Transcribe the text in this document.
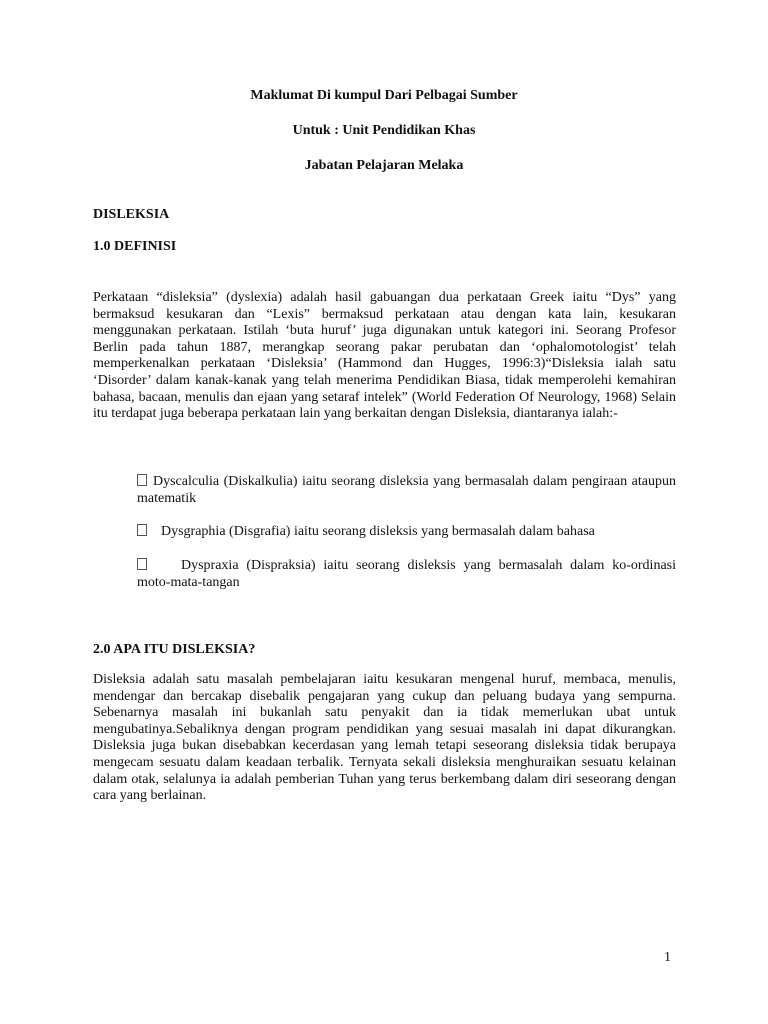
Maklumat Di kumpul Dari Pelbagai Sumber
Untuk : Unit Pendidikan Khas
Jabatan Pelajaran Melaka
DISLEKSIA
1.0 DEFINISI
Perkataan “disleksia” (dyslexia) adalah hasil gabuangan dua perkataan Greek iaitu “Dys” yang bermaksud kesukaran dan “Lexis” bermaksud perkataan atau dengan kata lain, kesukaran menggunakan perkataan. Istilah ‘buta huruf’ juga digunakan untuk kategori ini. Seorang Profesor Berlin pada tahun 1887, merangkap seorang pakar perubatan dan ‘ophalomotologist’ telah memperkenalkan perkataan ‘Disleksia’ (Hammond dan Hugges, 1996:3)“Disleksia ialah satu ‘Disorder’ dalam kanak-kanak yang telah menerima Pendidikan Biasa, tidak memperolehi kemahiran bahasa, bacaan, menulis dan ejaan yang setaraf intelek” (World Federation Of Neurology, 1968) Selain itu terdapat juga beberapa perkataan lain yang berkaitan dengan Disleksia, diantaranya ialah:-
Dyscalculia (Diskalkulia) iaitu seorang disleksia yang bermasalah dalam pengiraan ataupun matematik
Dysgraphia (Disgrafia) iaitu seorang disleksis yang bermasalah dalam bahasa
Dyspraxia (Dispraksia) iaitu seorang disleksis yang bermasalah dalam ko-ordinasi moto-mata-tangan
2.0 APA ITU DISLEKSIA?
Disleksia adalah satu masalah pembelajaran iaitu kesukaran mengenal huruf, membaca, menulis, mendengar dan bercakap disebalik pengajaran yang cukup dan peluang budaya yang sempurna. Sebenarnya masalah ini bukanlah satu penyakit dan ia tidak memerlukan ubat untuk mengubatinya.Sebaliknya dengan program pendidikan yang sesuai masalah ini dapat dikurangkan. Disleksia juga bukan disebabkan kecerdasan yang lemah tetapi seseorang disleksia tidak berupaya mengecam sesuatu dalam keadaan terbalik. Ternyata sekali disleksia menghuraikan sesuatu kelainan dalam otak, selalunya ia adalah pemberian Tuhan yang terus berkembang dalam diri seseorang dengan cara yang berlainan.
1
